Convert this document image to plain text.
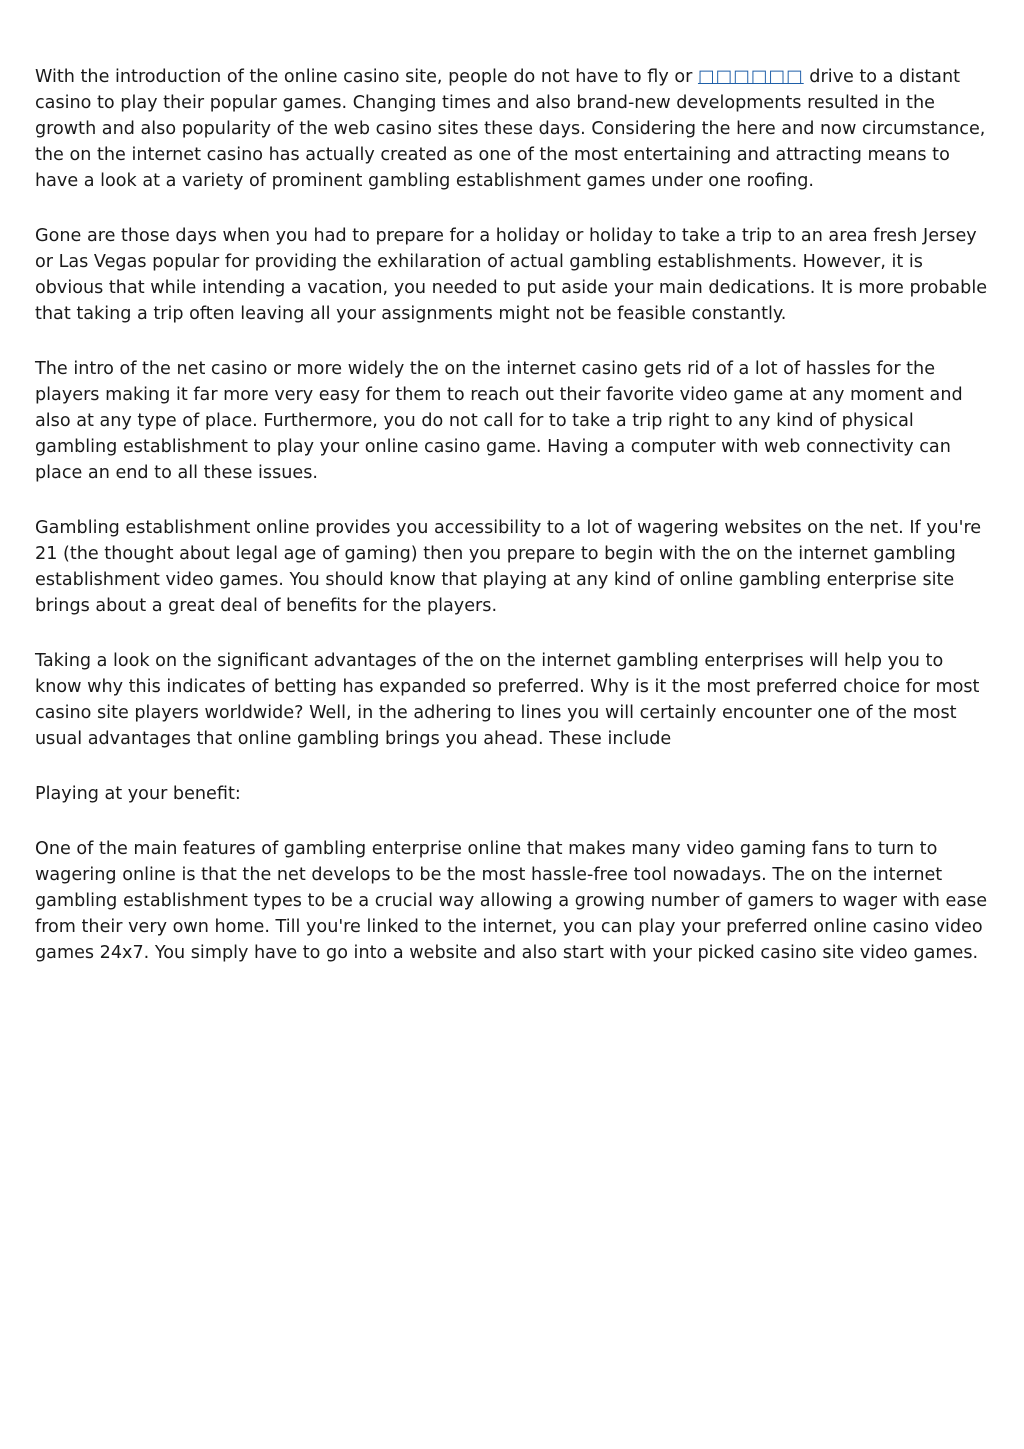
With the introduction of the online casino site, people do not have to fly or □□□□□□ drive to a distant casino to play their popular games. Changing times and also brand-new developments resulted in the growth and also popularity of the web casino sites these days. Considering the here and now circumstance, the on the internet casino has actually created as one of the most entertaining and attracting means to have a look at a variety of prominent gambling establishment games under one roofing.

Gone are those days when you had to prepare for a holiday or holiday to take a trip to an area fresh Jersey or Las Vegas popular for providing the exhilaration of actual gambling establishments. However, it is obvious that while intending a vacation, you needed to put aside your main dedications. It is more probable that taking a trip often leaving all your assignments might not be feasible constantly.

The intro of the net casino or more widely the on the internet casino gets rid of a lot of hassles for the players making it far more very easy for them to reach out their favorite video game at any moment and also at any type of place. Furthermore, you do not call for to take a trip right to any kind of physical gambling establishment to play your online casino game. Having a computer with web connectivity can place an end to all these issues.

Gambling establishment online provides you accessibility to a lot of wagering websites on the net. If you're 21 (the thought about legal age of gaming) then you prepare to begin with the on the internet gambling establishment video games. You should know that playing at any kind of online gambling enterprise site brings about a great deal of benefits for the players.

Taking a look on the significant advantages of the on the internet gambling enterprises will help you to know why this indicates of betting has expanded so preferred. Why is it the most preferred choice for most casino site players worldwide? Well, in the adhering to lines you will certainly encounter one of the most usual advantages that online gambling brings you ahead. These include

Playing at your benefit:

One of the main features of gambling enterprise online that makes many video gaming fans to turn to wagering online is that the net develops to be the most hassle-free tool nowadays. The on the internet gambling establishment types to be a crucial way allowing a growing number of gamers to wager with ease from their very own home. Till you're linked to the internet, you can play your preferred online casino video games 24x7. You simply have to go into a website and also start with your picked casino site video games.
